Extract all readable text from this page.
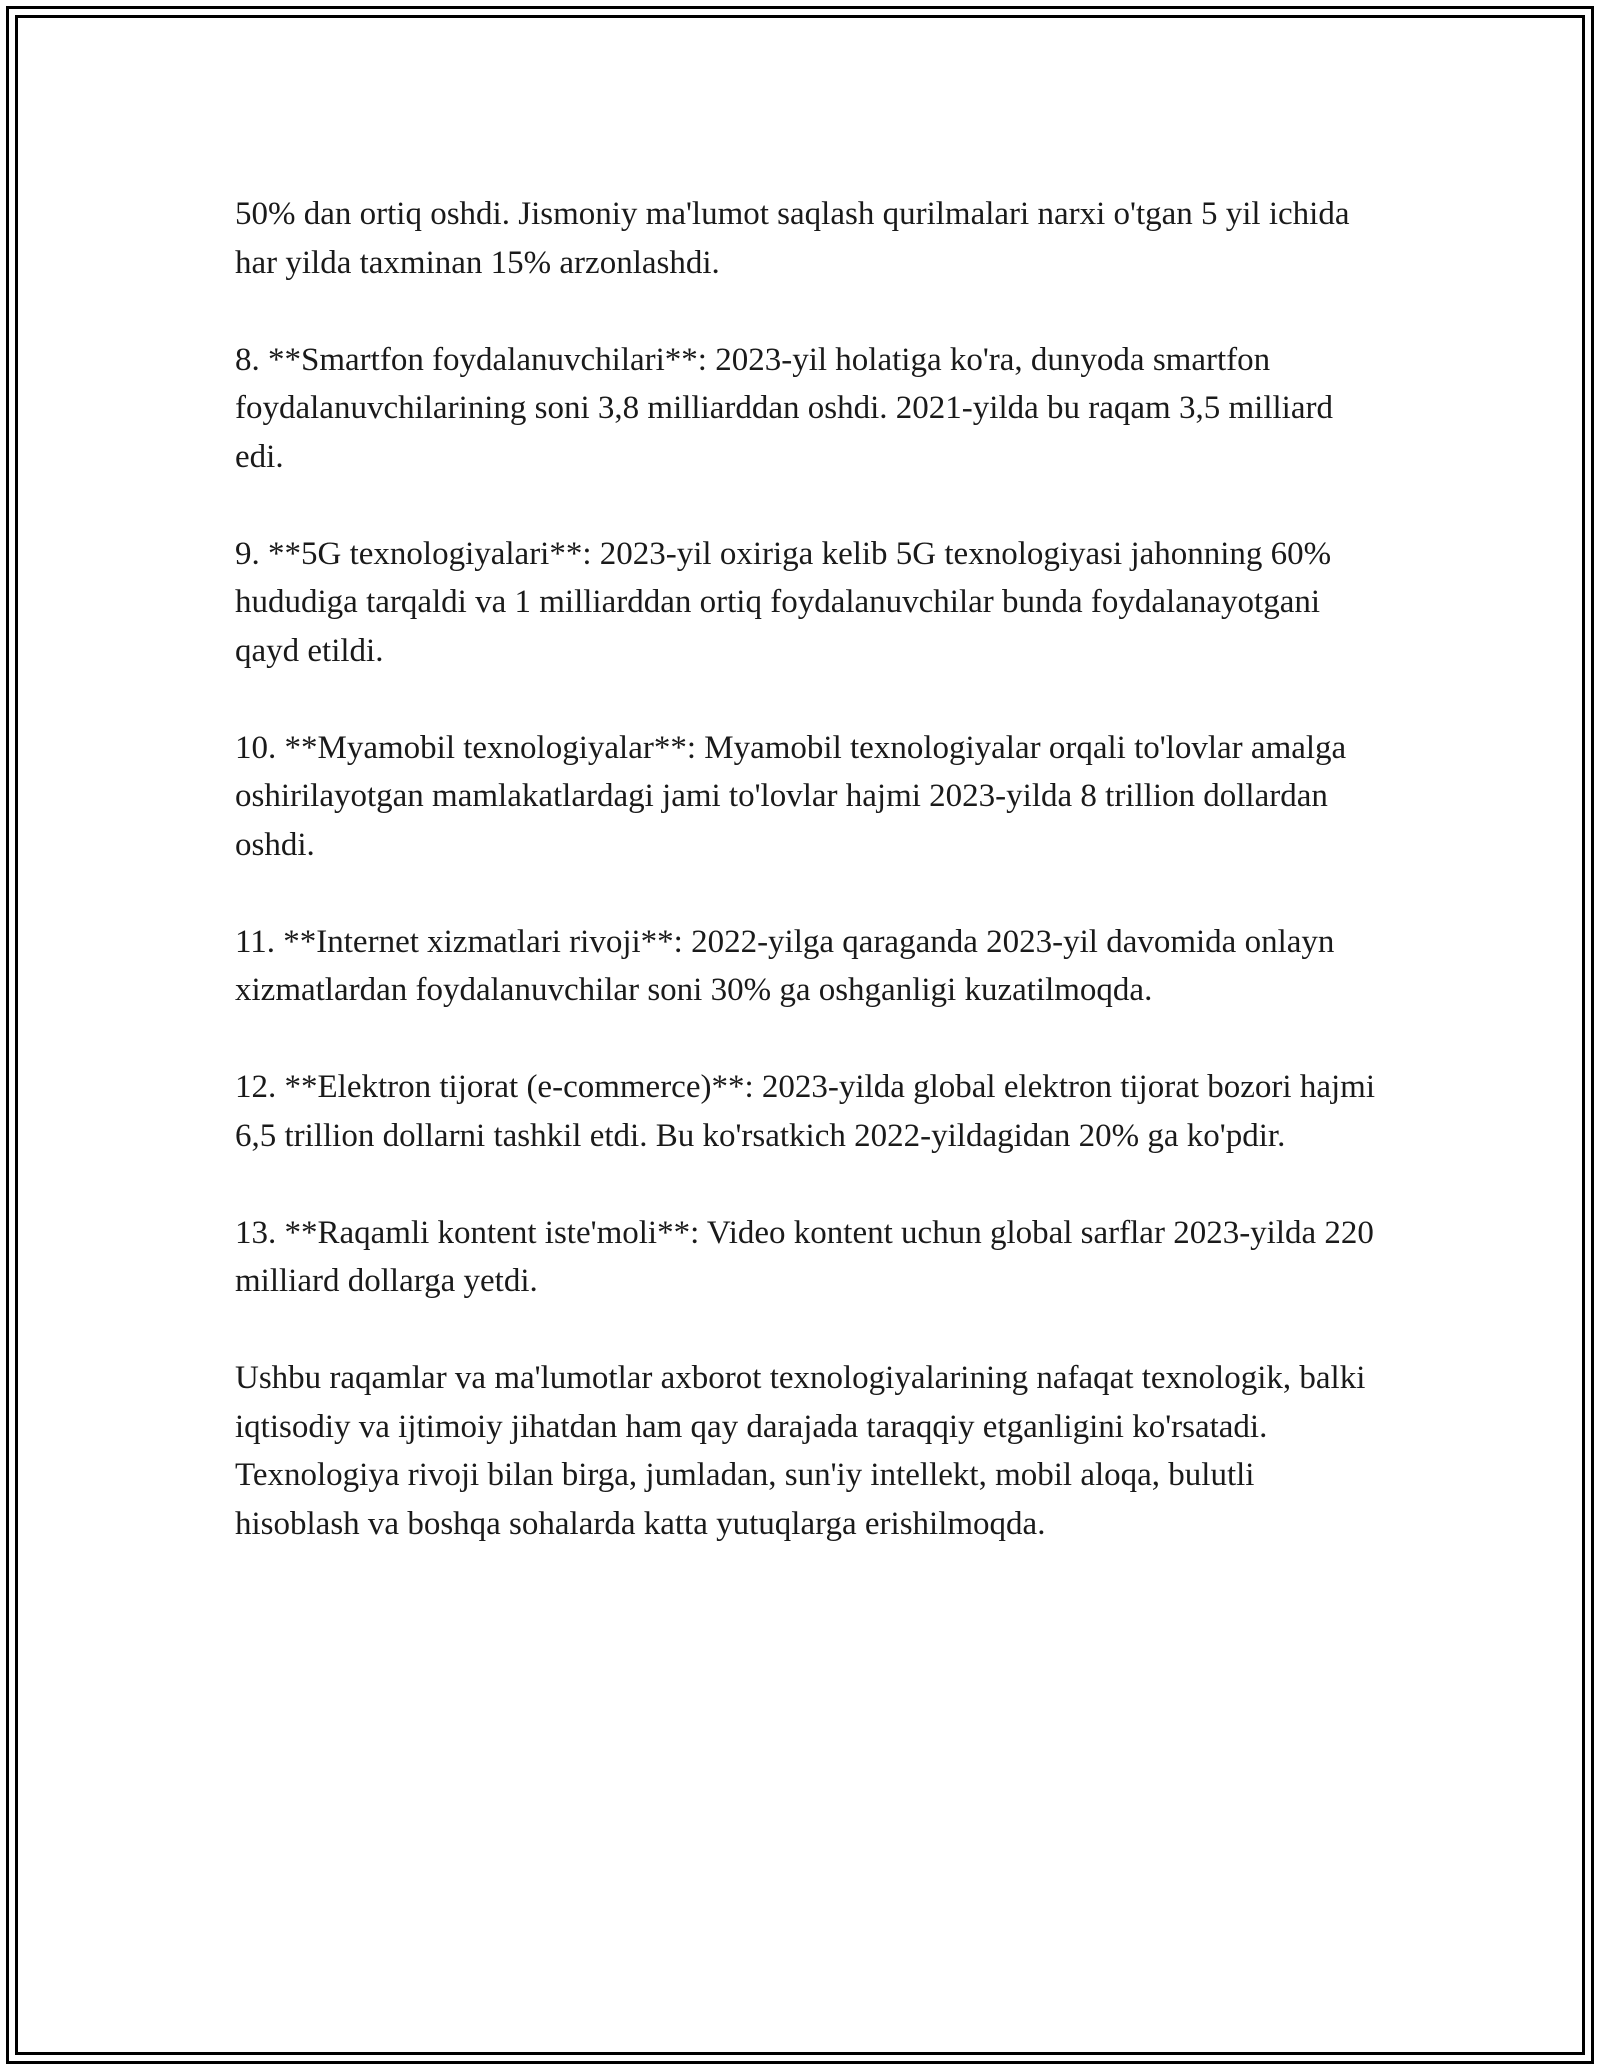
50% dan ortiq oshdi. Jismoniy ma'lumot saqlash qurilmalari narxi o'tgan 5 yil ichida har yilda taxminan 15% arzonlashdi.

8. **Smartfon foydalanuvchilari**: 2023-yil holatiga ko'ra, dunyoda smartfon foydalanuvchilarining soni 3,8 milliarddan oshdi. 2021-yilda bu raqam 3,5 milliard edi.

9. **5G texnologiyalari**: 2023-yil oxiriga kelib 5G texnologiyasi jahonning 60% hududiga tarqaldi va 1 milliarddan ortiq foydalanuvchilar bunda foydalanayotgani qayd etildi.

10. **Myamobil texnologiyalar**: Myamobil texnologiyalar orqali to'lovlar amalga oshirilayotgan mamlakatlardagi jami to'lovlar hajmi 2023-yilda 8 trillion dollardan oshdi.

11. **Internet xizmatlari rivoji**: 2022-yilga qaraganda 2023-yil davomida onlayn xizmatlardan foydalanuvchilar soni 30% ga oshganligi kuzatilmoqda.

12. **Elektron tijorat (e-commerce)**: 2023-yilda global elektron tijorat bozori hajmi 6,5 trillion dollarni tashkil etdi. Bu ko'rsatkich 2022-yildagidan 20% ga ko'pdir.

13. **Raqamli kontent iste'moli**: Video kontent uchun global sarflar 2023-yilda 220 milliard dollarga yetdi.

Ushbu raqamlar va ma'lumotlar axborot texnologiyalarining nafaqat texnologik, balki iqtisodiy va ijtimoiy jihatdan ham qay darajada taraqqiy etganligini ko'rsatadi. Texnologiya rivoji bilan birga, jumladan, sun'iy intellekt, mobil aloqa, bulutli hisoblash va boshqa sohalarda katta yutuqlarga erishilmoqda.
